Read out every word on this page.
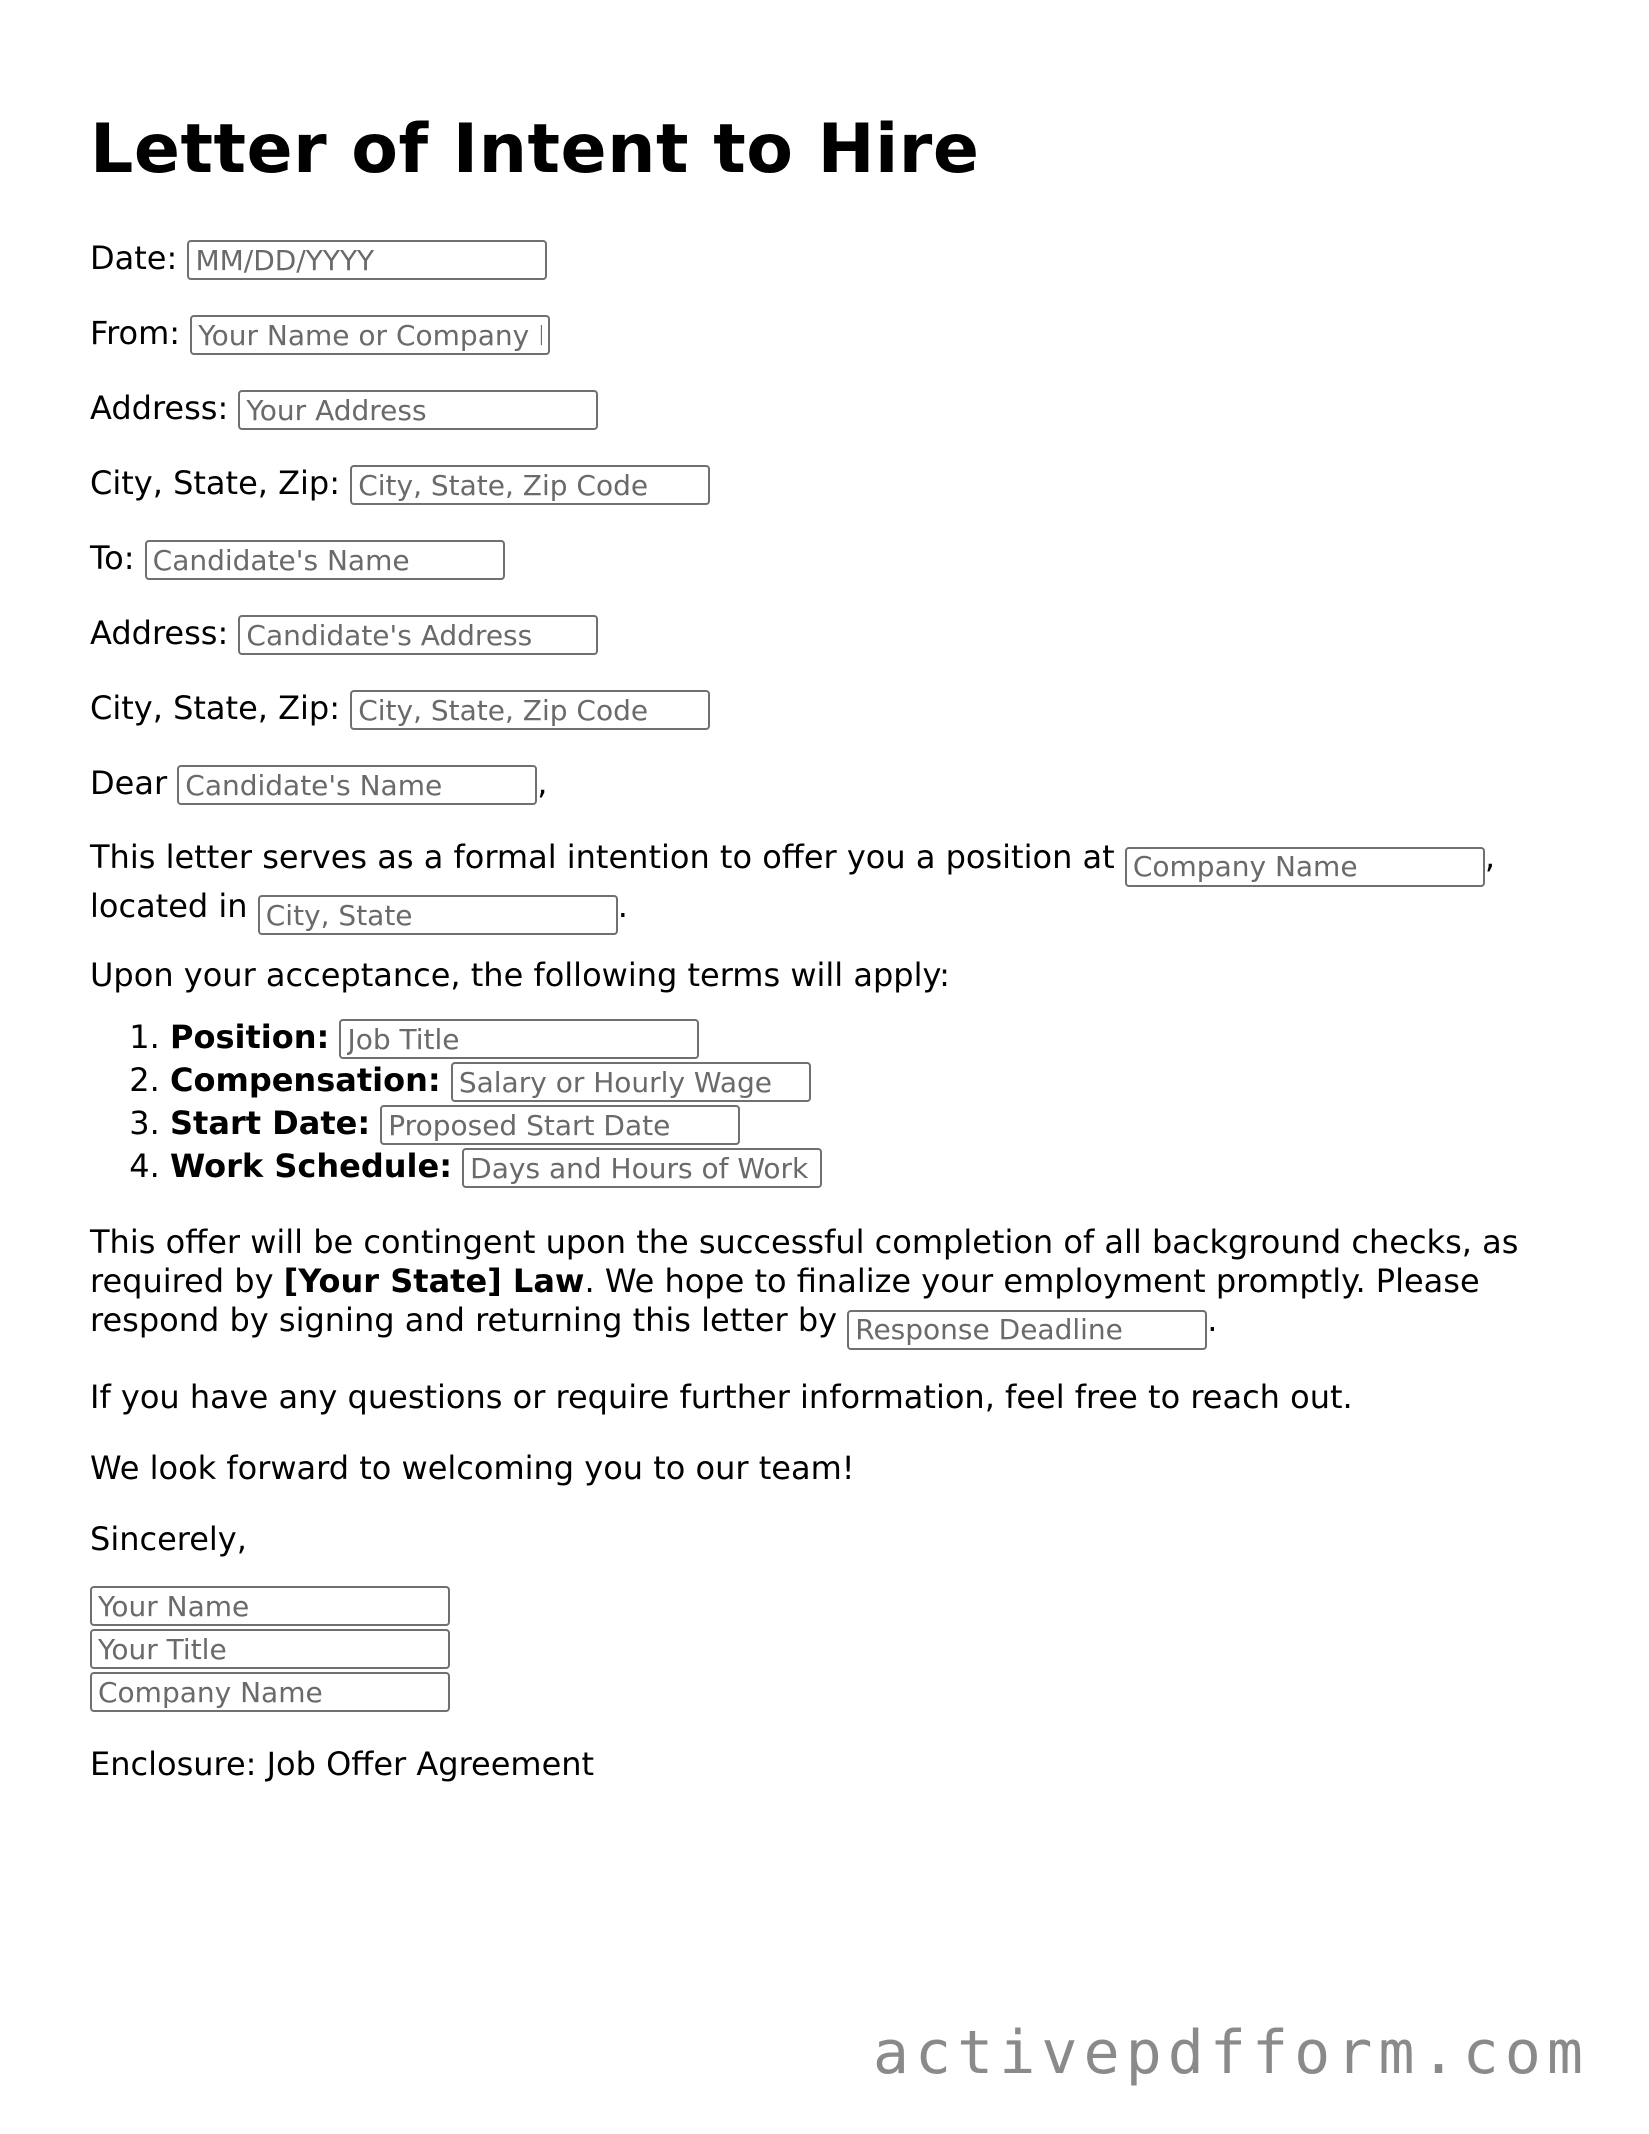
Letter of Intent to Hire
Date: MM/DD/YYYY
From: Your Name or Company Name
Address: Your Address
City, State, Zip: City, State, Zip Code
To: Candidate's Name
Address: Candidate's Address
City, State, Zip: City, State, Zip Code
Dear Candidate's Name	,
This letter serves as a formal intention to offer you a position at Company Name	,
located in City, State	.
Upon your acceptance, the following terms will apply:
1. Position: Job Title
2. Compensation: Salary or Hourly Wage
3. Start Date: Proposed Start Date
4. Work Schedule: Days and Hours of Work
This offer will be contingent upon the successful completion of all background checks, as required by [Your State] Law. We hope to finalize your employment promptly. Please respond by signing and returning this letter by Response Deadline	.
If you have any questions or require further information, feel free to reach out.
We look forward to welcoming you to our team!
Sincerely,
Your Name
Your Title
Company Name
Enclosure: Job Offer Agreement
activepdfform.com
